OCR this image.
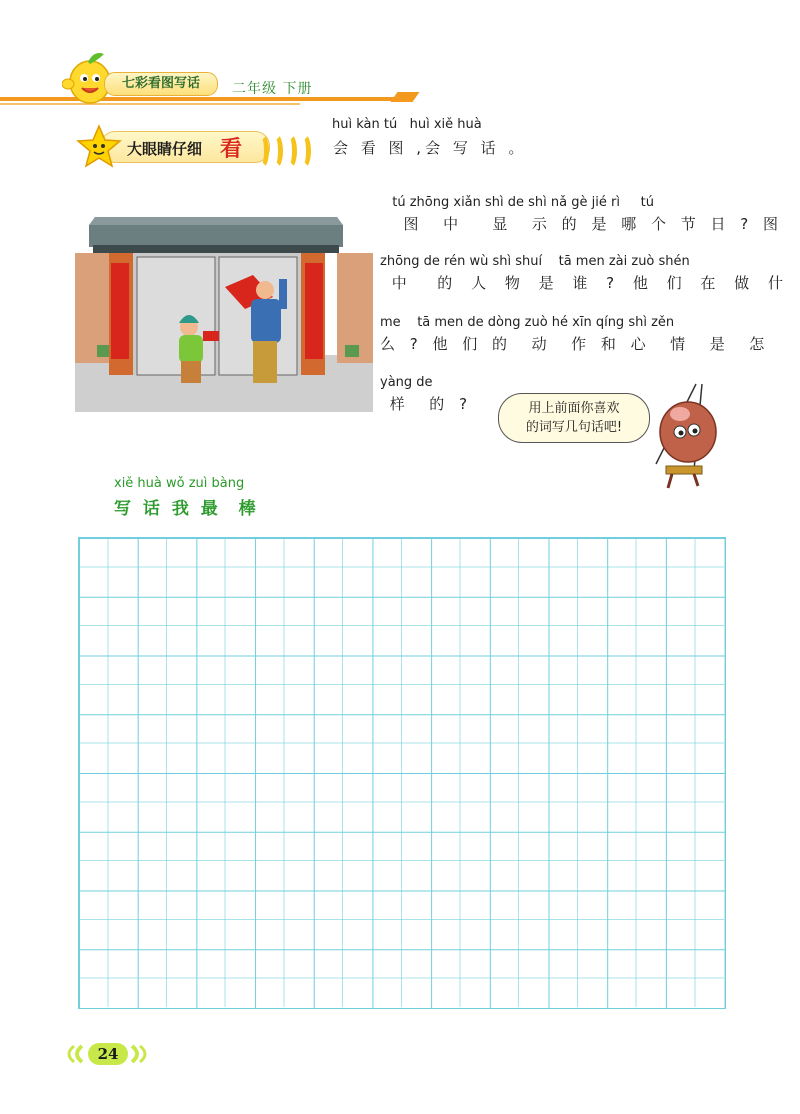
七彩看图写话	二年级 下册
大眼睛仔细 看
huì kàn tú   huì xiě huà
会 看 图 ,会 写 话 。
tú zhōng xiǎn shì de shì nǎ gè jié rì     tú
图  中   显  示 的 是 哪 个 节 日 ? 图
zhōng de rén wù shì shuí    tā men zài zuò shén
中  的 人 物 是 谁 ? 他 们 在 做 什
me    tā men de dòng zuò hé xīn qíng shì zěn
么 ? 他 们 的  动  作 和 心  情  是  怎
yàng de
样  的 ?	用上前面你喜欢
的词写几句话吧!
xiě huà wǒ zuì bàng
写 话 我 最  棒
24
